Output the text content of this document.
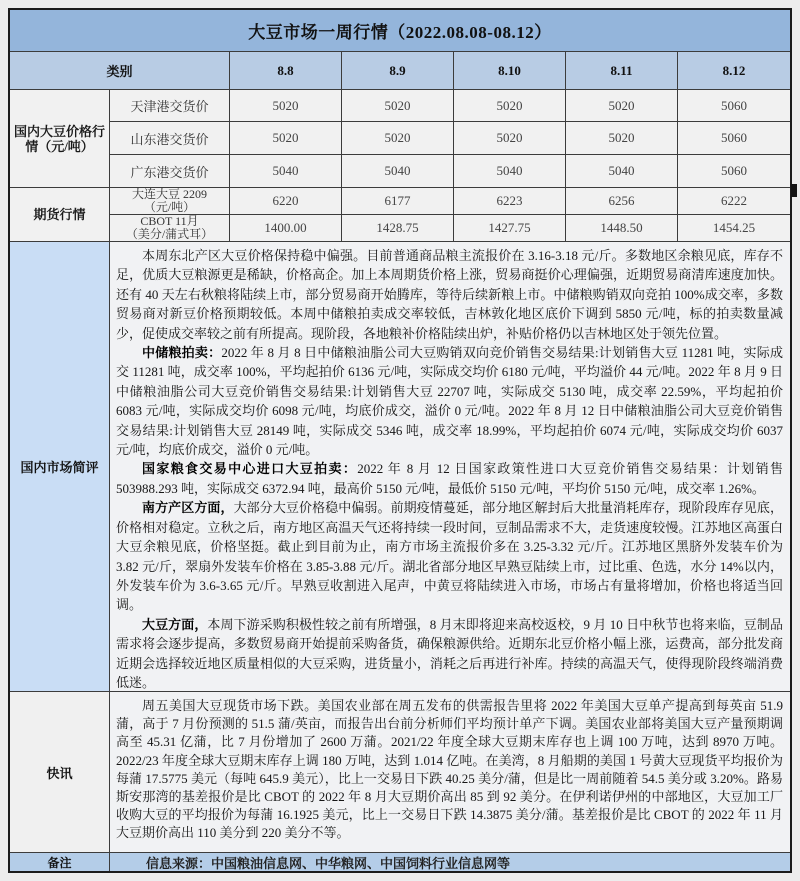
大豆市场一周行情（2022.08.08-08.12）
类别	8.8	8.9	8.10	8.11	8.12
国内大豆价格行情（元/吨）
天津港交货价	5020	5020	5020	5020	5060
山东港交货价	5020	5020	5020	5020	5060
广东港交货价	5040	5040	5040	5040	5060
期货行情
大连大豆 2209
（元/吨）	6220	6177	6223	6256	6222
CBOT 11月
（美分/蒲式耳）	1400.00	1428.75	1427.75	1448.50	1454.25
国内市场简评

本周东北产区大豆价格保持稳中偏强。目前普通商品粮主流报价在 3.16-3.18 元/斤。多数地区余粮见底，库存不足，优质大豆粮源更是稀缺，价格高企。加上本周期货价格上涨，贸易商挺价心理偏强，近期贸易商清库速度加快。还有 40 天左右秋粮将陆续上市，部分贸易商开始腾库，等待后续新粮上市。中储粮购销双向竞拍 100%成交率，多数贸易商对新豆价格预期较低。本周中储粮拍卖成交率较低，吉林敦化地区底价下调到 5850 元/吨，标的拍卖数量减少，促使成交率较之前有所提高。现阶段，各地粮补价格陆续出炉，补贴价格仍以吉林地区处于领先位置。

中储粮拍卖：2022 年 8 月 8 日中储粮油脂公司大豆购销双向竞价销售交易结果:计划销售大豆 11281 吨，实际成交 11281 吨，成交率 100%，平均起拍价 6136 元/吨，实际成交均价 6180 元/吨，平均溢价 44 元/吨。2022 年 8 月 9 日中储粮油脂公司大豆竞价销售交易结果:计划销售大豆 22707 吨，实际成交 5130 吨，成交率 22.59%，平均起拍价 6083 元/吨，实际成交均价 6098 元/吨，均底价成交，溢价 0 元/吨。2022 年 8 月 12 日中储粮油脂公司大豆竞价销售交易结果:计划销售大豆 28149 吨，实际成交 5346 吨，成交率 18.99%，平均起拍价 6074 元/吨，实际成交均价 6037 元/吨，均底价成交，溢价 0 元/吨。

国家粮食交易中心进口大豆拍卖：2022 年 8 月 12 日国家政策性进口大豆竞价销售交易结果：计划销售 503988.293 吨，实际成交 6372.94 吨，最高价 5150 元/吨，最低价 5150 元/吨，平均价 5150 元/吨，成交率 1.26%。

南方产区方面，大部分大豆价格稳中偏弱。前期疫情蔓延，部分地区解封后大批量消耗库存，现阶段库存见底，价格相对稳定。立秋之后，南方地区高温天气还将持续一段时间，豆制品需求不大，走货速度较慢。江苏地区高蛋白大豆余粮见底，价格坚挺。截止到目前为止，南方市场主流报价多在 3.25-3.32 元/斤。江苏地区黑脐外发装车价为 3.82 元/斤，翠扇外发装车价格在 3.85-3.88 元/斤。湖北省部分地区早熟豆陆续上市，过比重、色选，水分 14%以内，外发装车价为 3.6-3.65 元/斤。早熟豆收割进入尾声，中黄豆将陆续进入市场，市场占有量将增加，价格也将适当回调。

大豆方面，本周下游采购积极性较之前有所增强，8 月末即将迎来高校返校，9 月 10 日中秋节也将来临，豆制品需求将会逐步提高，多数贸易商开始提前采购备货，确保粮源供给。近期东北豆价格小幅上涨，运费高，部分批发商近期会选择较近地区质量相似的大豆采购，进货量小，消耗之后再进行补库。持续的高温天气，使得现阶段终端消费低迷。

快讯

周五美国大豆现货市场下跌。美国农业部在周五发布的供需报告里将 2022 年美国大豆单产提高到每英亩 51.9 蒲，高于 7 月份预测的 51.5 蒲/英亩，而报告出台前分析师们平均预计单产下调。美国农业部将美国大豆产量预期调高至 45.31 亿蒲，比 7 月份增加了 2600 万蒲。2021/22 年度全球大豆期末库存也上调 100 万吨，达到 8970 万吨。2022/23 年度全球大豆期末库存上调 180 万吨，达到 1.014 亿吨。在美湾，8 月船期的美国 1 号黄大豆现货平均报价为每蒲 17.5775 美元（每吨 645.9 美元），比上一交易日下跌 40.25 美分/蒲，但是比一周前随着 54.5 美分或 3.20%。路易斯安那湾的基差报价是比 CBOT 的 2022 年 8 月大豆期价高出 85 到 92 美分。在伊利诺伊州的中部地区，大豆加工厂收购大豆的平均报价为每蒲 16.1925 美元，比上一交易日下跌 14.3875 美分/蒲。基差报价是比 CBOT 的 2022 年 11 月大豆期价高出 110 美分到 220 美分不等。

备注	信息来源：中国粮油信息网、中华粮网、中国饲料行业信息网等
